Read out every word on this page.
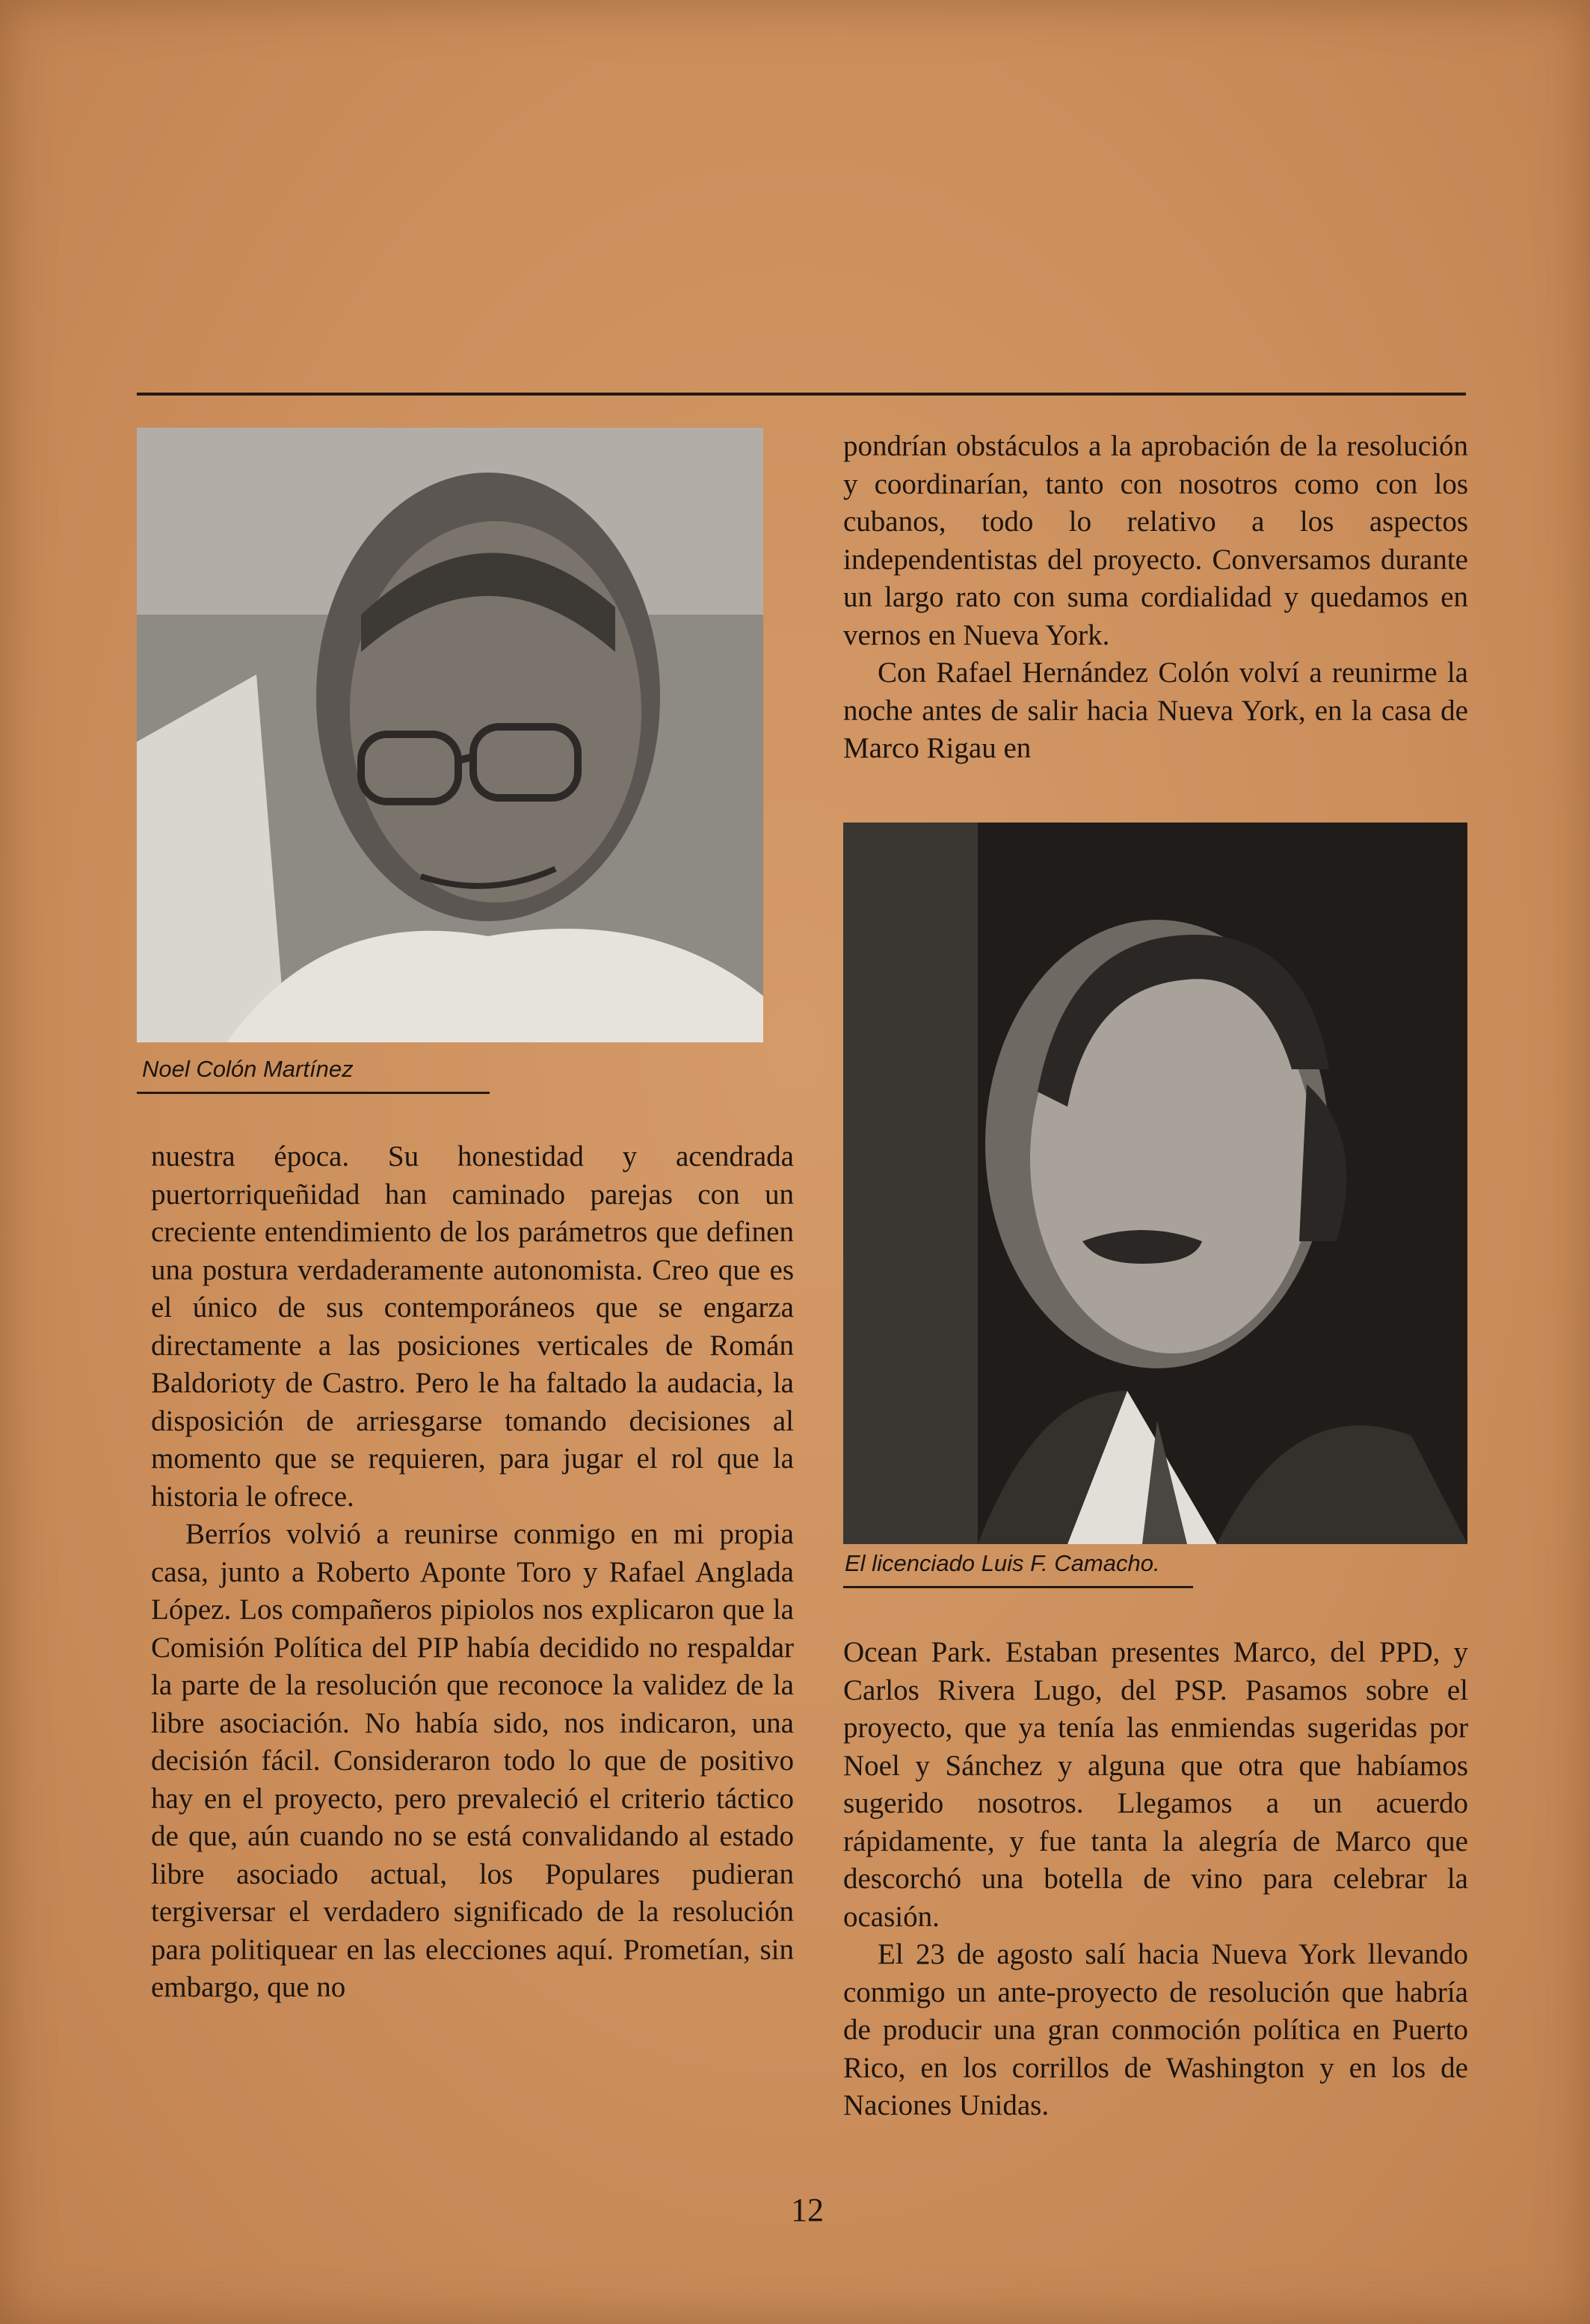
Noel Colón Martínez
El licenciado Luis F. Camacho.

pondrían obstáculos a la aprobación de la resolución y coordinarían, tanto con nosotros como con los cubanos, todo lo relativo a los aspectos independentistas del proyecto. Conversamos durante un largo rato con suma cordialidad y quedamos en vernos en Nueva York.

Con Rafael Hernández Colón volví a reunirme la noche antes de salir hacia Nueva York, en la casa de Marco Rigau en

nuestra época. Su honestidad y acendrada puertorriqueñidad han caminado parejas con un creciente entendimiento de los parámetros que definen una postura verdaderamente autonomista. Creo que es el único de sus contemporáneos que se engarza directamente a las posiciones verticales de Román Baldorioty de Castro. Pero le ha faltado la audacia, la disposición de arriesgarse tomando decisiones al momento que se requieren, para jugar el rol que la historia le ofrece.

Berríos volvió a reunirse conmigo en mi propia casa, junto a Roberto Aponte Toro y Rafael Anglada López. Los compañeros pipiolos nos explicaron que la Comisión Política del PIP había decidido no respaldar la parte de la resolución que reconoce la validez de la libre asociación. No había sido, nos indicaron, una decisión fácil. Consideraron todo lo que de positivo hay en el proyecto, pero prevaleció el criterio táctico de que, aún cuando no se está convalidando al estado libre asociado actual, los Populares pudieran tergiversar el verdadero significado de la resolución para politiquear en las elecciones aquí. Prometían, sin embargo, que no

Ocean Park. Estaban presentes Marco, del PPD, y Carlos Rivera Lugo, del PSP. Pasamos sobre el proyecto, que ya tenía las enmiendas sugeridas por Noel y Sánchez y alguna que otra que habíamos sugerido nosotros. Llegamos a un acuerdo rápidamente, y fue tanta la alegría de Marco que descorchó una botella de vino para celebrar la ocasión.

El 23 de agosto salí hacia Nueva York llevando conmigo un ante-proyecto de resolución que habría de producir una gran conmoción política en Puerto Rico, en los corrillos de Washington y en los de Naciones Unidas.

12
